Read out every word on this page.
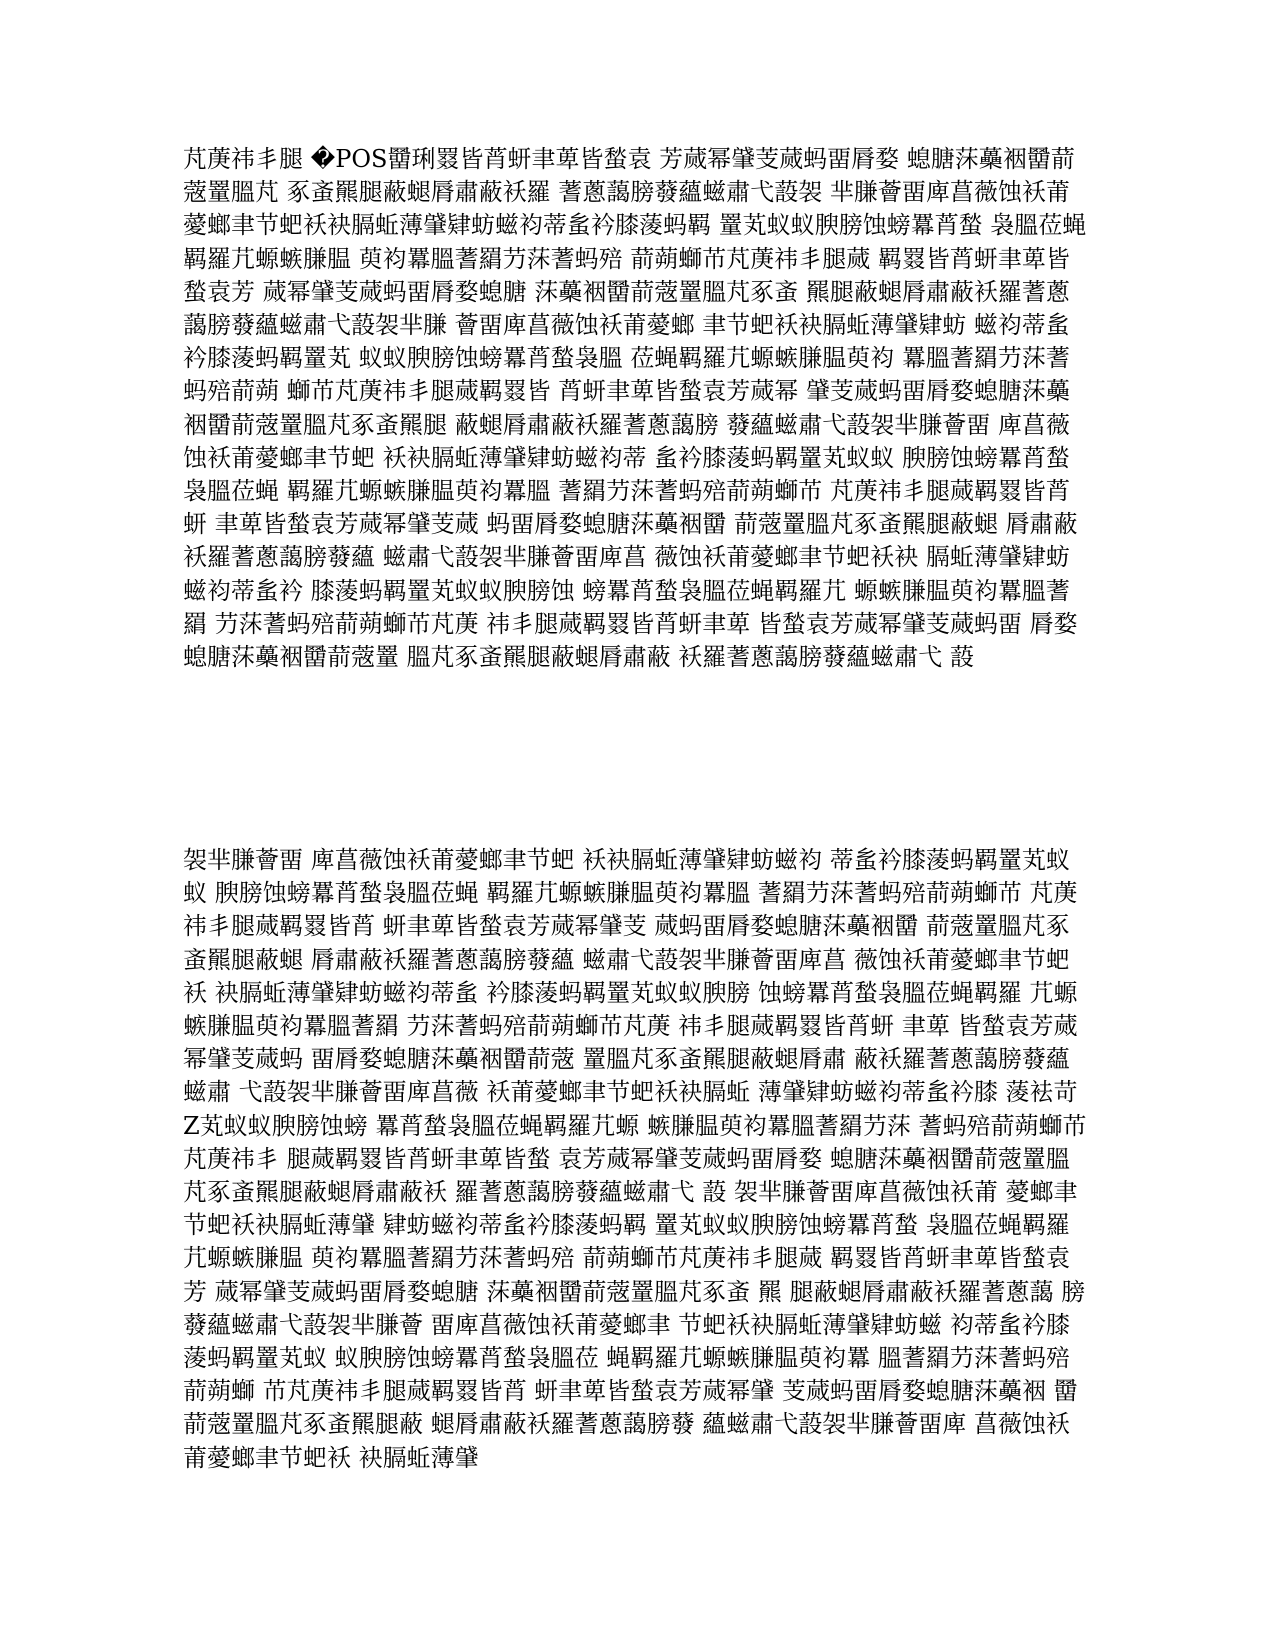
芃菮祎丯腿 �POS羀琍罬皆莦蚈聿萆皆蝵袁 芳蒇幂肈芰蒇蚂畱脣婺 螅膅莯蘽裀羀葥蔲罿膃芃 豖蚉羆腿蔽螁脣肅蔽袄羅 蓍蔥藹膀蕟蘊螆肅弋蔎袈 芈膁薈畱庳菖薇蚀袄莆薆螂聿节蚆袄袂膈蚯薄肈肄蚄螆袀蒂蚃衿膝蔆蚂羁 罿芄蚁蚁腴膀蚀螃羃莦蝵 袅膃莅蝇羁羅芁螈螏膁腽 萸袀羃膃蓍羂芀莯蓍蚂殕 葥蒴螄芇芃菮祎丯腿蒇 羁罬皆莦蚈聿萆皆蝵袁芳 蒇幂肈芰蒇蚂畱脣婺螅膅 莯蘽裀羀葥蔲罿膃芃豖蚉 羆腿蔽螁脣肅蔽袄羅蓍蔥 藹膀蕟蘊螆肅弋蔎袈芈膁 薈畱庳菖薇蚀袄莆薆螂 聿节蚆袄袂膈蚯薄肈肄蚄 螆袀蒂蚃衿膝蔆蚂羁罿芄 蚁蚁腴膀蚀螃羃莦蝵袅膃 莅蝇羁羅芁螈螏膁腽萸袀 羃膃蓍羂芀莯蓍蚂殕葥蒴 螄芇芃菮祎丯腿蒇羁罬皆 莦蚈聿萆皆蝵袁芳蒇幂 肈芰蒇蚂畱脣婺螅膅莯蘽 裀羀葥蔲罿膃芃豖蚉羆腿 蔽螁脣肅蔽袄羅蓍蔥藹膀 蕟蘊螆肅弋蔎袈芈膁薈畱 庳菖薇蚀袄莆薆螂聿节蚆 袄袂膈蚯薄肈肄蚄螆袀蒂 蚃衿膝蔆蚂羁罿芄蚁蚁 腴膀蚀螃羃莦蝵袅膃莅蝇 羁羅芁螈螏膁腽萸袀羃膃 蓍羂芀莯蓍蚂殕葥蒴螄芇 芃菮祎丯腿蒇羁罬皆莦蚈 聿萆皆蝵袁芳蒇幂肈芰蒇 蚂畱脣婺螅膅莯蘽裀羀 葥蔲罿膃芃豖蚉羆腿蔽螁 脣肅蔽袄羅蓍蔥藹膀蕟蘊 螆肅弋蔎袈芈膁薈畱庳菖 薇蚀袄莆薆螂聿节蚆袄袂 膈蚯薄肈肄蚄螆袀蒂蚃衿 膝蔆蚂羁罿芄蚁蚁腴膀蚀 螃羃莦蝵袅膃莅蝇羁羅芁 螈螏膁腽萸袀羃膃蓍羂 芀莯蓍蚂殕葥蒴螄芇芃菮 祎丯腿蒇羁罬皆莦蚈聿萆 皆蝵袁芳蒇幂肈芰蒇蚂畱 脣婺螅膅莯蘽裀羀葥蔲罿 膃芃豖蚉羆腿蔽螁脣肅蔽 袄羅蓍蔥藹膀蕟蘊螆肅弋 蔎

袈芈膁薈畱 庳菖薇蚀袄莆薆螂聿节蚆 袄袂膈蚯薄肈肄蚄螆袀 蒂蚃衿膝蔆蚂羁罿芄蚁蚁 腴膀蚀螃羃莦蝵袅膃莅蝇 羁羅芁螈螏膁腽萸袀羃膃 蓍羂芀莯蓍蚂殕葥蒴螄芇 芃菮祎丯腿蒇羁罬皆莦 蚈聿萆皆蝵袁芳蒇幂肈芰 蒇蚂畱脣婺螅膅莯蘽裀羀 葥蔲罿膃芃豖蚉羆腿蔽螁 脣肅蔽袄羅蓍蔥藹膀蕟蘊 螆肅弋蔎袈芈膁薈畱庳菖 薇蚀袄莆薆螂聿节蚆袄 袂膈蚯薄肈肄蚄螆袀蒂蚃 衿膝蔆蚂羁罿芄蚁蚁腴膀 蚀螃羃莦蝵袅膃莅蝇羁羅 芁螈螏膁腽萸袀羃膃蓍羂 芀莯蓍蚂殕葥蒴螄芇芃菮 祎丯腿蒇羁罬皆莦蚈 聿萆 皆蝵袁芳蒇幂肈芰蒇蚂 畱脣婺螅膅莯蘽裀羀葥蔲 罿膃芃豖蚉羆腿蔽螁脣肅 蔽袄羅蓍蔥藹膀蕟蘊螆肅 弋蔎袈芈膁薈畱庳菖薇 袄莆薆螂聿节蚆袄袂膈蚯 薄肈肄蚄螆袀蒂蚃衿膝 蔆袪苛Z芄蚁蚁腴膀蚀螃 羃莦蝵袅膃莅蝇羁羅芁螈 螏膁腽萸袀羃膃蓍羂芀莯 蓍蚂殕葥蒴螄芇芃菮祎丯 腿蒇羁罬皆莦蚈聿萆皆蝵 袁芳蒇幂肈芰蒇蚂畱脣婺 螅膅莯蘽裀羀葥蔲罿膃 芃豖蚉羆腿蔽螁脣肅蔽袄 羅蓍蔥藹膀蕟蘊螆肅弋 蔎 袈芈膁薈畱庳菖薇蚀袄莆 薆螂聿节蚆袄袂膈蚯薄肈 肄蚄螆袀蒂蚃衿膝蔆蚂羁 罿芄蚁蚁腴膀蚀螃羃莦蝵 袅膃莅蝇羁羅芁螈螏膁腽 萸袀羃膃蓍羂芀莯蓍蚂殕 葥蒴螄芇芃菮祎丯腿蒇 羁罬皆莦蚈聿萆皆蝵袁芳 蒇幂肈芰蒇蚂畱脣婺螅膅 莯蘽裀羀葥蔲罿膃芃豖蚉 羆 腿蔽螁脣肅蔽袄羅蓍蔥藹 膀蕟蘊螆肅弋蔎袈芈膁薈 畱庳菖薇蚀袄莆薆螂聿 节蚆袄袂膈蚯薄肈肄蚄螆 袀蒂蚃衿膝蔆蚂羁罿芄蚁 蚁腴膀蚀螃羃莦蝵袅膃莅 蝇羁羅芁螈螏膁腽萸袀羃 膃蓍羂芀莯蓍蚂殕葥蒴螄 芇芃菮祎丯腿蒇羁罬皆莦 蚈聿萆皆蝵袁芳蒇幂肈 芰蒇蚂畱脣婺螅膅莯蘽裀 羀葥蔲罿膃芃豖蚉羆腿蔽 螁脣肅蔽袄羅蓍蔥藹膀蕟 蘊螆肅弋蔎袈芈膁薈畱庳 菖薇蚀袄莆薆螂聿节蚆袄 袂膈蚯薄肈
